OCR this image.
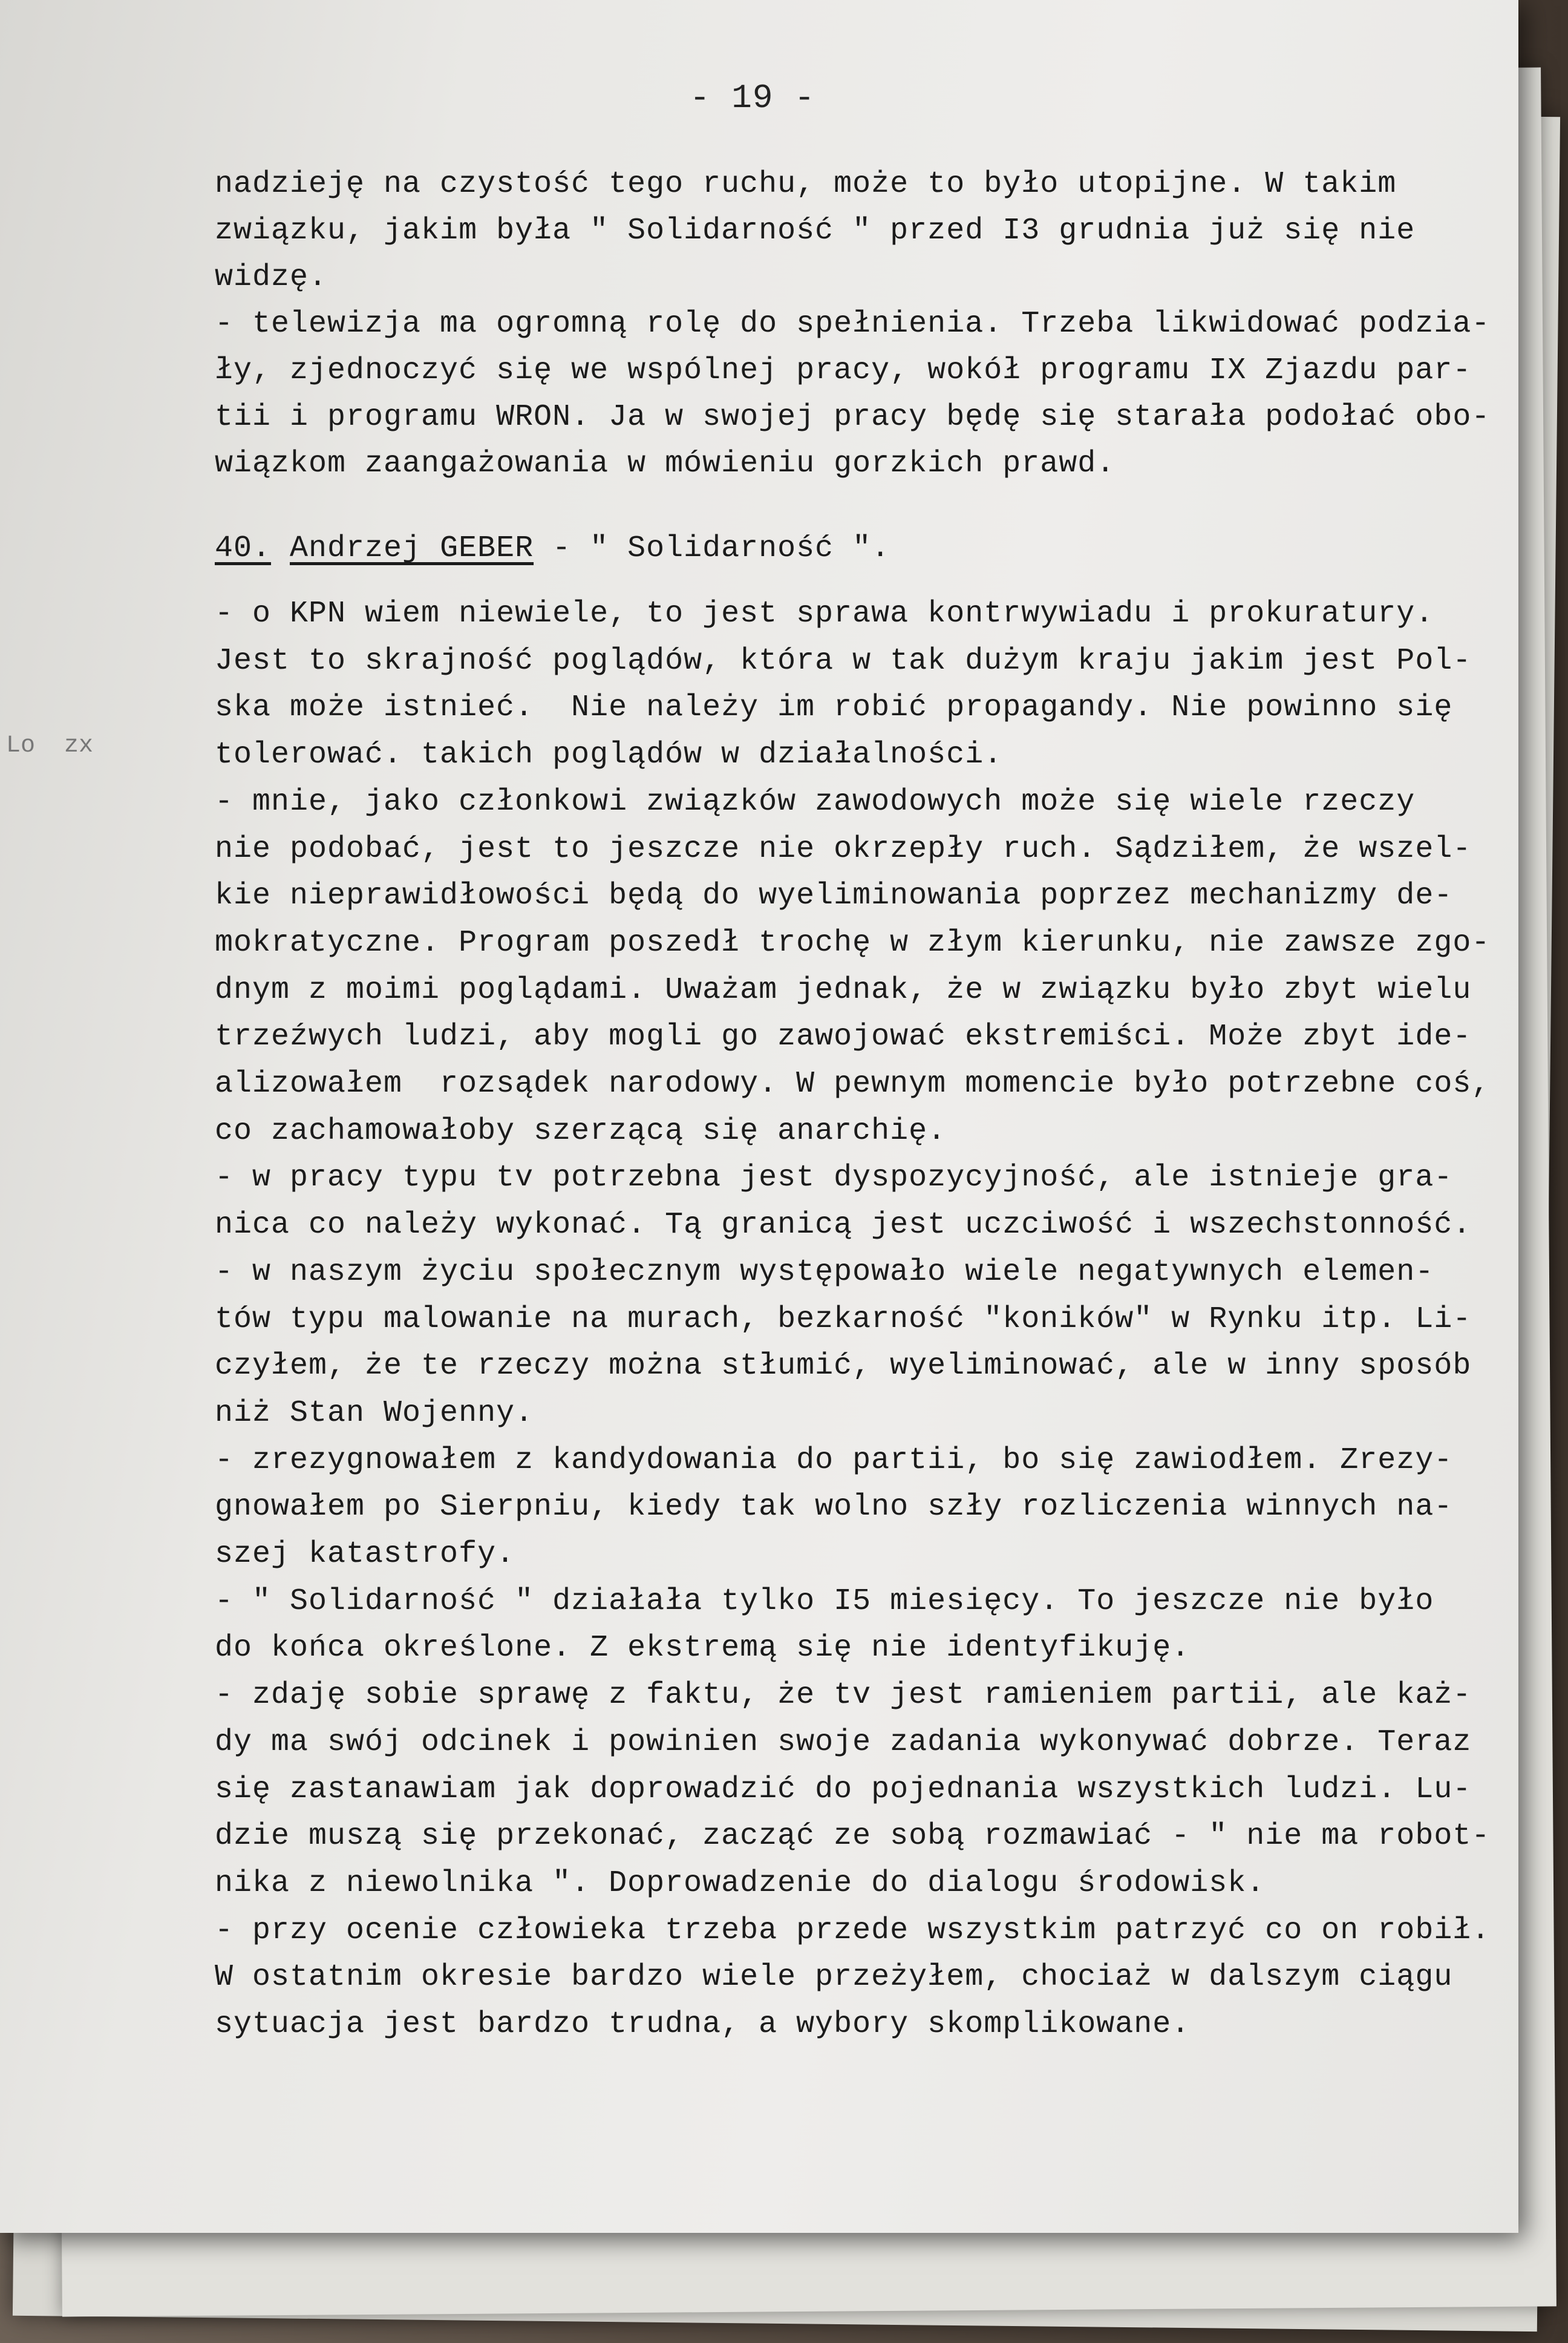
- 19 -
nadzieję na czystość tego ruchu, może to było utopijne. W takim
związku, jakim była " Solidarność " przed I3 grudnia już się nie
widzę.
- telewizja ma ogromną rolę do spełnienia. Trzeba likwidować podzia-
ły, zjednoczyć się we wspólnej pracy, wokół programu IX Zjazdu par-
tii i programu WRON. Ja w swojej pracy będę się starała podołać obo-
wiązkom zaangażowania w mówieniu gorzkich prawd.
40. Andrzej GEBER - " Solidarność ".
- o KPN wiem niewiele, to jest sprawa kontrwywiadu i prokuratury.
Jest to skrajność poglądów, która w tak dużym kraju jakim jest Pol-
ska może istnieć.  Nie należy im robić propagandy. Nie powinno się
tolerować. takich poglądów w działalności.
- mnie, jako członkowi związków zawodowych może się wiele rzeczy
nie podobać, jest to jeszcze nie okrzepły ruch. Sądziłem, że wszel-
kie nieprawidłowości będą do wyeliminowania poprzez mechanizmy de-
mokratyczne. Program poszedł trochę w złym kierunku, nie zawsze zgo-
dnym z moimi poglądami. Uważam jednak, że w związku było zbyt wielu
trzeźwych ludzi, aby mogli go zawojować ekstremiści. Może zbyt ide-
alizowałem  rozsądek narodowy. W pewnym momencie było potrzebne coś,
co zachamowałoby szerzącą się anarchię.
- w pracy typu tv potrzebna jest dyspozycyjność, ale istnieje gra-
nica co należy wykonać. Tą granicą jest uczciwość i wszechstonność.
- w naszym życiu społecznym występowało wiele negatywnych elemen-
tów typu malowanie na murach, bezkarność "koników" w Rynku itp. Li-
czyłem, że te rzeczy można stłumić, wyeliminować, ale w inny sposób
niż Stan Wojenny.
- zrezygnowałem z kandydowania do partii, bo się zawiodłem. Zrezy-
gnowałem po Sierpniu, kiedy tak wolno szły rozliczenia winnych na-
szej katastrofy.
- " Solidarność " działała tylko I5 miesięcy. To jeszcze nie było
do końca określone. Z ekstremą się nie identyfikuję.
- zdaję sobie sprawę z faktu, że tv jest ramieniem partii, ale każ-
dy ma swój odcinek i powinien swoje zadania wykonywać dobrze. Teraz
się zastanawiam jak doprowadzić do pojednania wszystkich ludzi. Lu-
dzie muszą się przekonać, zacząć ze sobą rozmawiać - " nie ma robot-
nika z niewolnika ". Doprowadzenie do dialogu środowisk.
- przy ocenie człowieka trzeba przede wszystkim patrzyć co on robił.
W ostatnim okresie bardzo wiele przeżyłem, chociaż w dalszym ciągu
sytuacja jest bardzo trudna, a wybory skomplikowane.
Lo  zx
